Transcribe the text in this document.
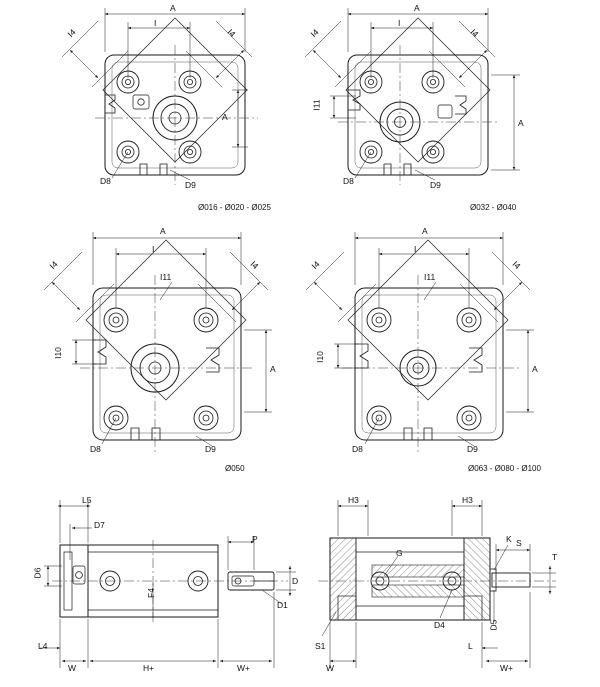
A
I
I4	I4
D8	D9
A
Ø016 - Ø020 - Ø025
A
I
I4	I4
I11
D8	D9
A
Ø032 - Ø040
A
I
I4	I4
I11
I10
D8	D9
A
Ø050
A
I
I4	I4
I11
I10
D8	D9
A
Ø063 - Ø080 - Ø100
L5
D7
D6
F4
P
D
D1
L4
W	H+	W+
H3	H3
G
K S
T
S1
D4	D5
L
W	W+
